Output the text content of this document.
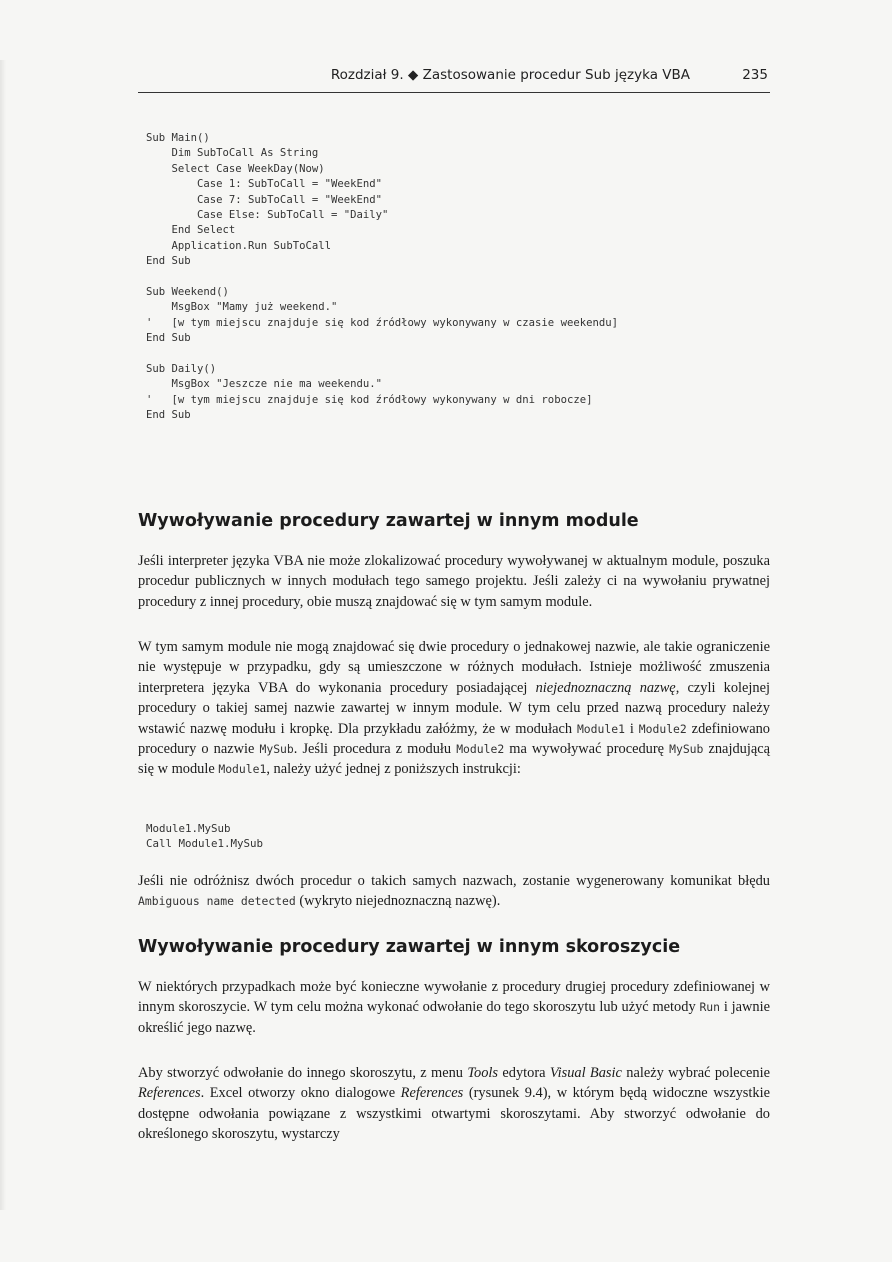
Rozdział 9. ◆ Zastosowanie procedur Sub języka VBA	235
Sub Main()
Dim SubToCall As String
Select Case WeekDay(Now)
Case 1: SubToCall = "WeekEnd"
Case 7: SubToCall = "WeekEnd"
Case Else: SubToCall = "Daily"
End Select
Application.Run SubToCall
End Sub
Sub Weekend()
MsgBox "Mamy już weekend."
'   [w tym miejscu znajduje się kod źródłowy wykonywany w czasie weekendu]
End Sub
Sub Daily()
MsgBox "Jeszcze nie ma weekendu."
'   [w tym miejscu znajduje się kod źródłowy wykonywany w dni robocze]
End Sub
Wywoływanie procedury zawartej w innym module

Jeśli interpreter języka VBA nie może zlokalizować procedury wywoływanej w aktualnym module, poszuka procedur publicznych w innych modułach tego samego projektu. Jeśli zależy ci na wywołaniu prywatnej procedury z innej procedury, obie muszą znajdować się w tym samym module.

W tym samym module nie mogą znajdować się dwie procedury o jednakowej nazwie, ale takie ograniczenie nie występuje w przypadku, gdy są umieszczone w różnych modułach. Istnieje możliwość zmuszenia interpretera języka VBA do wykonania procedury posiadającej niejednoznaczną nazwę, czyli kolejnej procedury o takiej samej nazwie zawartej w innym module. W tym celu przed nazwą procedury należy wstawić nazwę modułu i kropkę. Dla przykładu załóżmy, że w modułach Module1 i Module2 zdefiniowano procedury o nazwie MySub. Jeśli procedura z modułu Module2 ma wywoływać procedurę MySub znajdującą się w module Module1, należy użyć jednej z poniższych instrukcji:

Module1.MySub
Call Module1.MySub

Jeśli nie odróżnisz dwóch procedur o takich samych nazwach, zostanie wygenerowany komunikat błędu Ambiguous name detected (wykryto niejednoznaczną nazwę).

Wywoływanie procedury zawartej w innym skoroszycie

W niektórych przypadkach może być konieczne wywołanie z procedury drugiej procedury zdefiniowanej w innym skoroszycie. W tym celu można wykonać odwołanie do tego skoroszytu lub użyć metody Run i jawnie określić jego nazwę.

Aby stworzyć odwołanie do innego skoroszytu, z menu Tools edytora Visual Basic należy wybrać polecenie References. Excel otworzy okno dialogowe References (rysunek 9.4), w którym będą widoczne wszystkie dostępne odwołania powiązane z wszystkimi otwartymi skoroszytami. Aby stworzyć odwołanie do określonego skoroszytu, wystarczy
